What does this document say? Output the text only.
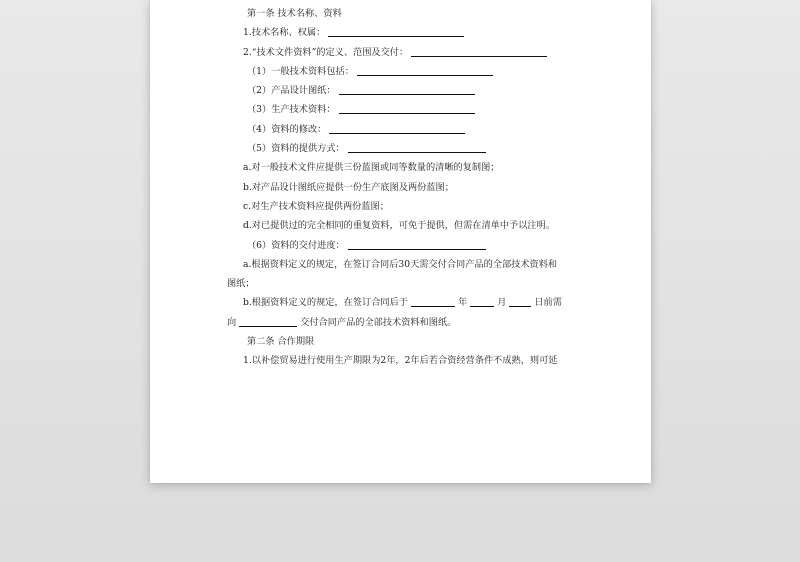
第一条 技术名称、资料
1.技术名称、权属：
2.“技术文件资料”的定义、范围及交付：
（1）一般技术资料包括：
（2）产品设计图纸：
（3）生产技术资料：
（4）资料的修改：
（5）资料的提供方式：
a.对一般技术文件应提供三份蓝图或同等数量的清晰的复制图；
b.对产品设计图纸应提供一份生产底图及两份蓝图；
c.对生产技术资料应提供两份蓝图；
d.对已提供过的完全相同的重复资料，可免于提供，但需在清单中予以注明。
（6）资料的交付进度：
a.根据资料定义的规定，在签订合同后30天需交付合同产品的全部技术资料和
图纸；
b.根据资料定义的规定，在签订合同后于	年	月	日前需
向	交付合同产品的全部技术资料和图纸。
第二条 合作期限
1.以补偿贸易进行使用生产期限为2年，2年后若合资经营条件不成熟，则可延
